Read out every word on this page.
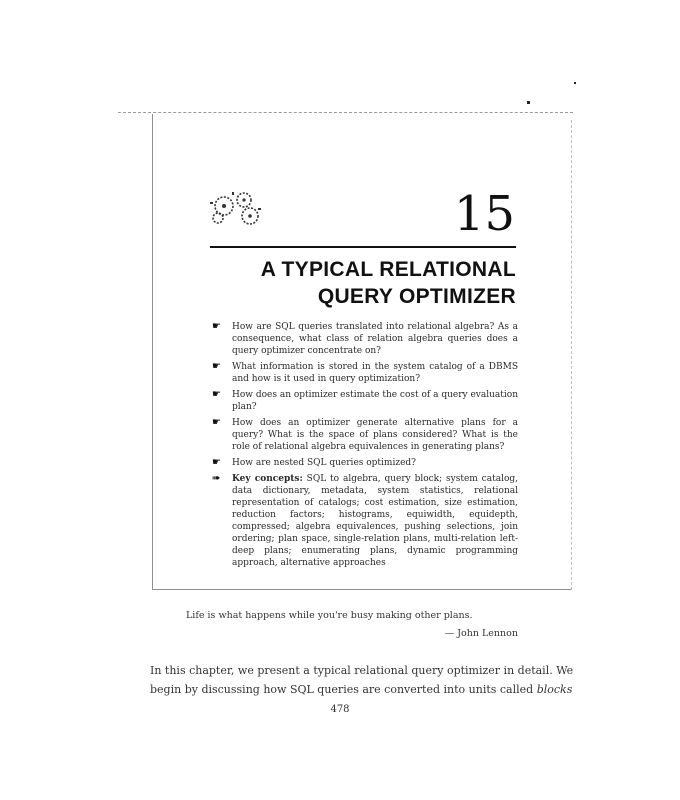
15
A TYPICAL RELATIONAL
QUERY OPTIMIZER
☛ How are SQL queries translated into relational algebra? As a consequence, what class of relation algebra queries does a query optimizer concentrate on?
☛ What information is stored in the system catalog of a DBMS and how is it used in query optimization?
☛ How does an optimizer estimate the cost of a query evaluation plan?
☛ How does an optimizer generate alternative plans for a query? What is the space of plans considered? What is the role of relational algebra equivalences in generating plans?
☛ How are nested SQL queries optimized?
➠ Key concepts: SQL to algebra, query block; system catalog, data dictionary, metadata, system statistics, relational representation of catalogs; cost estimation, size estimation, reduction factors; histograms, equiwidth, equidepth, compressed; algebra equivalences, pushing selections, join ordering; plan space, single-relation plans, multi-relation left-deep plans; enumerating plans, dynamic programming approach, alternative approaches
Life is what happens while you're busy making other plans.
— John Lennon
In this chapter, we present a typical relational query optimizer in detail. We
begin by discussing how SQL queries are converted into units called blocks
478
